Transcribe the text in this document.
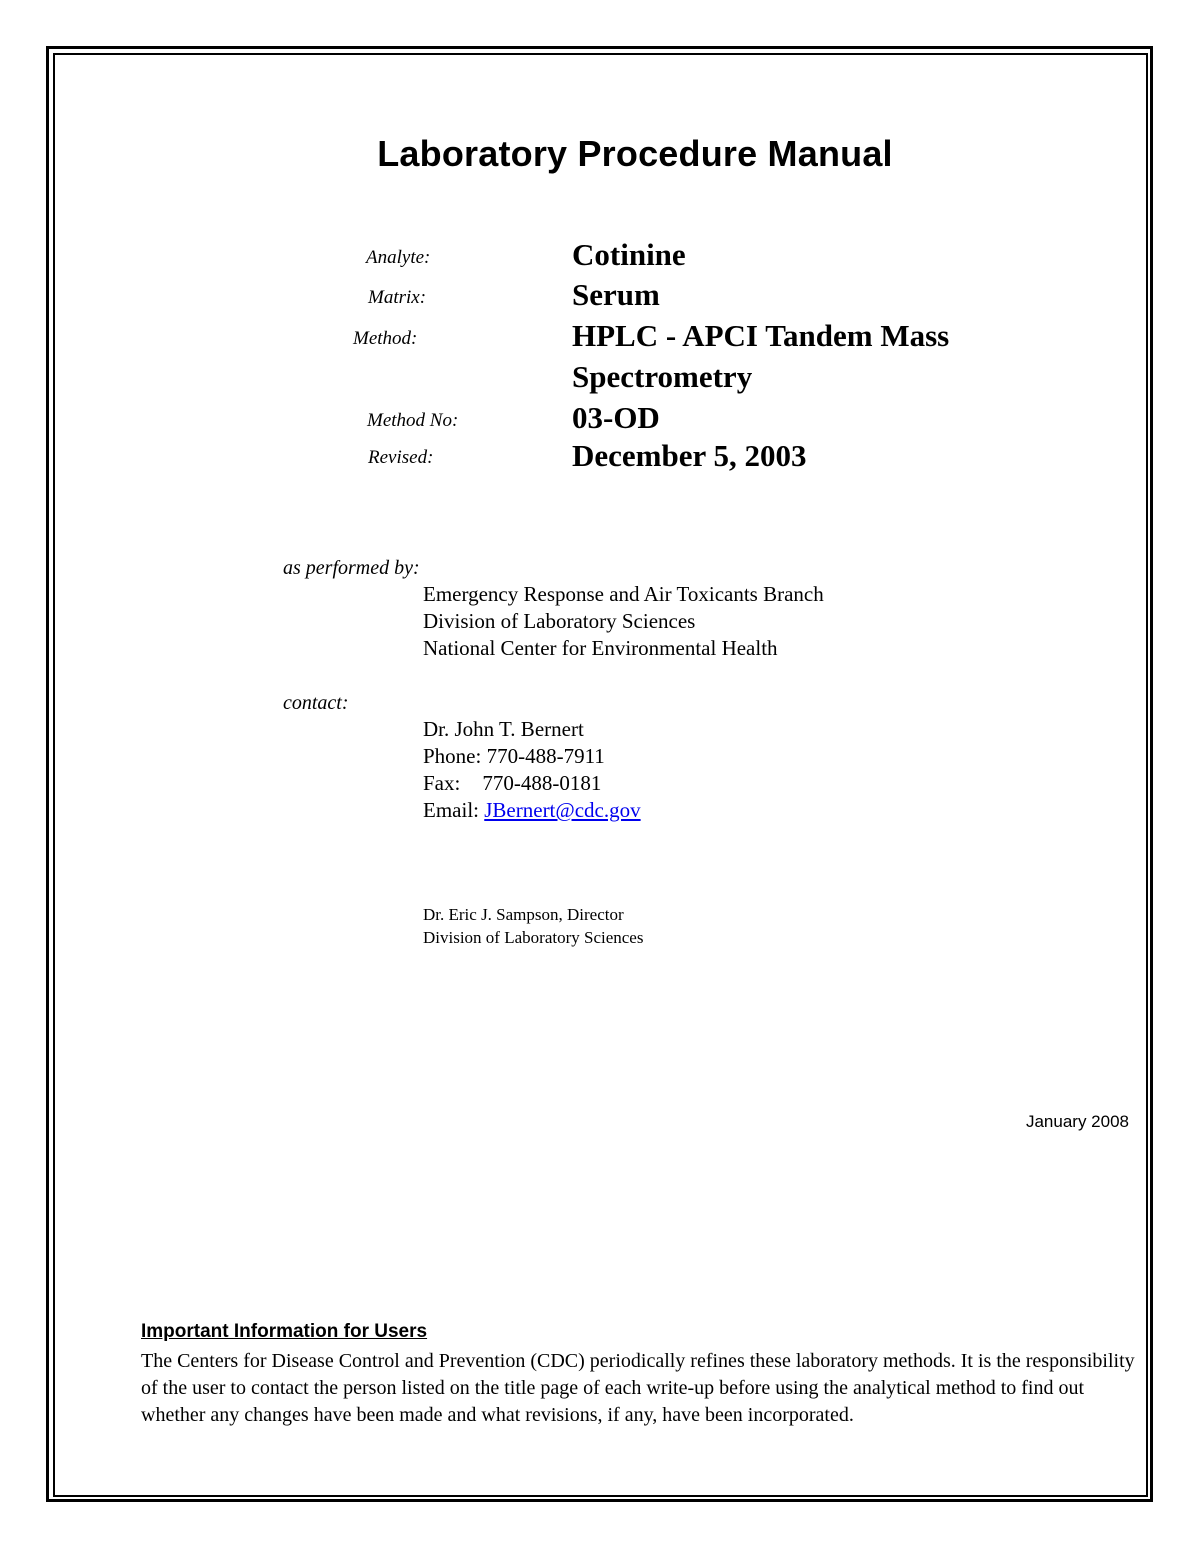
Laboratory Procedure Manual
Analyte:	Cotinine
Matrix:	Serum
Method:	HPLC - APCI Tandem Mass
Spectrometry
Method No:	03-OD
Revised:	December 5, 2003
as performed by:
Emergency Response and Air Toxicants Branch
Division of Laboratory Sciences
National Center for Environmental Health
contact:
Dr. John T. Bernert
Phone: 770-488-7911
Fax: 770-488-0181
Email: JBernert@cdc.gov
Dr. Eric J. Sampson, Director
Division of Laboratory Sciences
January 2008
Important Information for Users
The Centers for Disease Control and Prevention (CDC) periodically refines these laboratory methods. It is the responsibility of the user to contact the person listed on the title page of each write-up before using the analytical method to find out whether any changes have been made and what revisions, if any, have been incorporated.
